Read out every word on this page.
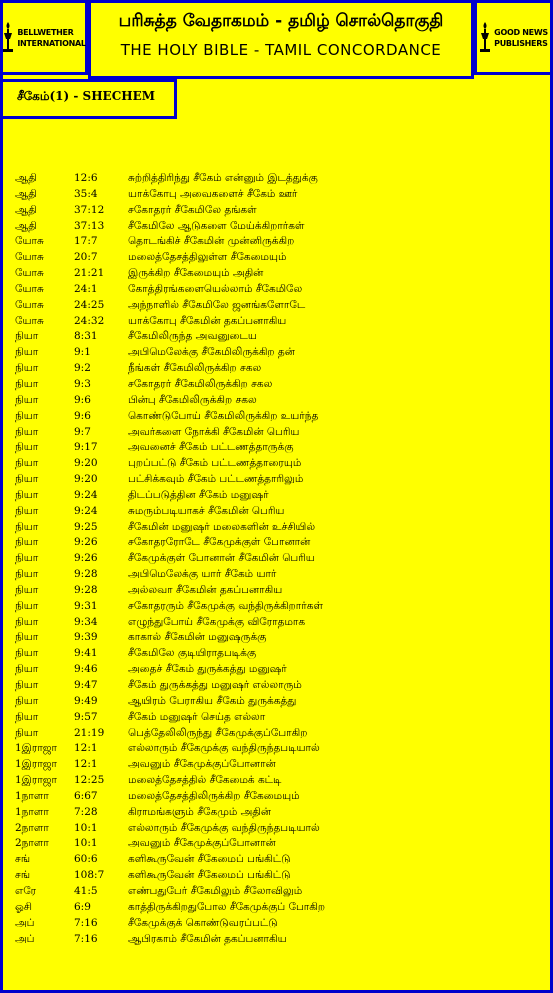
BELLWETHER
INTERNATIONAL
பரிசுத்த வேதாகமம் - தமிழ் சொல்தொகுதி
THE HOLY BIBLE - TAMIL CONCORDANCE
GOOD NEWS
PUBLISHERS
சீகேம்(1) - SHECHEM
ஆதி	12:6	சுற்றித்திரிந்து சீகேம் என்னும் இடத்துக்கு
ஆதி	35:4	யாக்கோபு அவைகளைச் சீகேம் ஊர்
ஆதி	37:12 சகோதரர் சீகேமிலே தங்கள்
ஆதி	37:13 சீகேமிலே ஆடுகளை மேய்க்கிறார்கள்
யோசு	17:7	தொடங்கிச் சீகேமின் முன்னிருக்கிற
யோசு	20:7	மலைத்தேசத்திலுள்ள சீகேமையும்
யோசு	21:21 இருக்கிற சீகேமையும் அதின்
யோசு	24:1	கோத்திரங்களையெல்லாம் சீகேமிலே
யோசு	24:25 அந்நாளில் சீகேமிலே ஜனங்களோடே
யோசு	24:32 யாக்கோபு சீகேமின் தகப்பனாகிய
நியா	8:31	சீகேமிலிருந்த அவனுடைய
நியா	9:1	அபிமெலேக்கு சீகேமிலிருக்கிற தன்
நியா	9:2	நீங்கள் சீகேமிலிருக்கிற சகல
நியா	9:3	சகோதரர் சீகேமிலிருக்கிற சகல
நியா	9:6	பின்பு சீகேமிலிருக்கிற சகல
நியா	9:6	கொண்டுபோய் சீகேமிலிருக்கிற உயர்ந்த
நியா	9:7	அவர்களை நோக்கி சீகேமின் பெரிய
நியா	9:17	அவனைச் சீகேம் பட்டணத்தாருக்கு
நியா	9:20	புறப்பட்டு சீகேம் பட்டணத்தாரையும்
நியா	9:20	பட்சிக்கவும் சீகேம் பட்டணத்தாரிலும்
நியா	9:24	திடப்படுத்தின சீகேம் மனுஷர்
நியா	9:24	சுமரும்படியாகச் சீகேமின் பெரிய
நியா	9:25	சீகேமின் மனுஷர் மலைகளின் உச்சியில்
நியா	9:26	சகோதரரோடே சீகேமுக்குள் போனான்
நியா	9:26	சீகேமுக்குள் போனான் சீகேமின் பெரிய
நியா	9:28	அபிமெலேக்கு யார் சீகேம் யார்
நியா	9:28	அல்லவா சீகேமின் தகப்பனாகிய
நியா	9:31	சகோதரரும் சீகேமுக்கு வந்திருக்கிறார்கள்
நியா	9:34	எழுந்துபோய் சீகேமுக்கு விரோதமாக
நியா	9:39	காகால் சீகேமின் மனுஷருக்கு
நியா	9:41	சீகேமிலே குடியிராதபடிக்கு
நியா	9:46	அதைச் சீகேம் துருக்கத்து மனுஷர்
நியா	9:47	சீகேம் துருக்கத்து மனுஷர் எல்லாரும்
நியா	9:49	ஆயிரம் பேராகிய சீகேம் துருக்கத்து
நியா	9:57	சீகேம் மனுஷர் செய்த எல்லா
நியா	21:19 பெத்தேலிலிருந்து சீகேமுக்குப்போகிற
1இராஜா 12:1	எல்லாரும் சீகேமுக்கு வந்திருந்தபடியால்
1இராஜா 12:1	அவனும் சீகேமுக்குப்போனான்
1இராஜா 12:25 மலைத்தேசத்தில் சீகேமைக் கட்டி
1நாளா 6:67	மலைத்தேசத்திலிருக்கிற சீகேமையும்
1நாளா 7:28	கிராமங்களும் சீகேமும் அதின்
2நாளா 10:1	எல்லாரும் சீகேமுக்கு வந்திருந்தபடியால்
2நாளா 10:1	அவனும் சீகேமுக்குப்போனான்
சங்	60:6	களிகூருவேன் சீகேமைப் பங்கிட்டு
சங்	108:7 களிகூருவேன் சீகேமைப் பங்கிட்டு
எரே	41:5	எண்பதுபேர் சீகேமிலும் சீலோவிலும்
ஓசி	6:9	காத்திருக்கிறதுபோல சீகேமுக்குப் போகிற
அப்	7:16	சீகேமுக்குக் கொண்டுவரப்பட்டு
அப்	7:16	ஆபிரகாம் சீகேமின் தகப்பனாகிய
